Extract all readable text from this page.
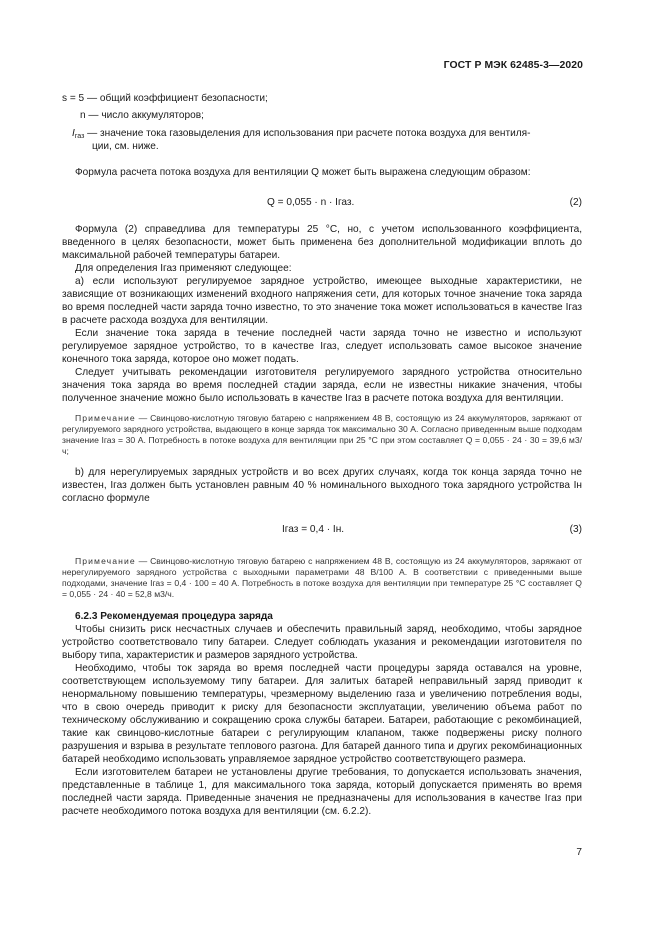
ГОСТ Р МЭК 62485-3—2020
s = 5 — общий коэффициент безопасности;
n — число аккумуляторов;
$I_{газ}$ — значение тока газовыделения для использования при расчете потока воздуха для вентиля-
ции, см. ниже.

Формула расчета потока воздуха для вентиляции Q может быть выражена следующим образом:

Q = 0,055 · n · Iгаз.	(2)

Формула (2) справедлива для температуры 25 °С, но, с учетом использованного коэффициента, введенного в целях безопасности, может быть применена без дополнительной модификации вплоть до максимальной рабочей температуры батареи.

Для определения Iгаз применяют следующее:

а) если используют регулируемое зарядное устройство, имеющее выходные характеристики, не зависящие от возникающих изменений входного напряжения сети, для которых точное значение тока заряда во время последней части заряда точно известно, то это значение тока может использоваться в качестве Iгаз в расчете расхода воздуха для вентиляции.

Если значение тока заряда в течение последней части заряда точно не известно и используют регулируемое зарядное устройство, то в качестве Iгаз, следует использовать самое высокое значение конечного тока заряда, которое оно может подать.

Следует учитывать рекомендации изготовителя регулируемого зарядного устройства относительно значения тока заряда во время последней стадии заряда, если не известны никакие значения, чтобы полученное значение можно было использовать в качестве Iгаз в расчете потока воздуха для вентиляции.

Примечание — Свинцово-кислотную тяговую батарею с напряжением 48 В, состоящую из 24 аккумуляторов, заряжают от регулируемого зарядного устройства, выдающего в конце заряда ток максимально 30 А. Согласно приведенным выше подходам значение Iгаз = 30 А. Потребность в потоке воздуха для вентиляции при 25 °С при этом составляет Q = 0,055 · 24 · 30 = 39,6 м3/ч;

b) для нерегулируемых зарядных устройств и во всех других случаях, когда ток конца заряда точно не известен, Iгаз должен быть установлен равным 40 % номинального выходного тока зарядного устройства Iн согласно формуле

Iгаз = 0,4 · Iн.	(3)

Примечание — Свинцово-кислотную тяговую батарею с напряжением 48 В, состоящую из 24 аккумуляторов, заряжают от нерегулируемого зарядного устройства с выходными параметрами 48 В/100 А. В соответствии с приведенными выше подходами, значение Iгаз = 0,4 · 100 = 40 А. Потребность в потоке воздуха для вентиляции при температуре 25 °С составляет Q = 0,055 · 24 · 40 = 52,8 м3/ч.

6.2.3 Рекомендуемая процедура заряда

Чтобы снизить риск несчастных случаев и обеспечить правильный заряд, необходимо, чтобы зарядное устройство соответствовало типу батареи. Следует соблюдать указания и рекомендации изготовителя по выбору типа, характеристик и размеров зарядного устройства.

Необходимо, чтобы ток заряда во время последней части процедуры заряда оставался на уровне, соответствующем используемому типу батареи. Для залитых батарей неправильный заряд приводит к ненормальному повышению температуры, чрезмерному выделению газа и увеличению потребления воды, что в свою очередь приводит к риску для безопасности эксплуатации, увеличению объема работ по техническому обслуживанию и сокращению срока службы батареи. Батареи, работающие с рекомбинацией, такие как свинцово-кислотные батареи с регулирующим клапаном, также подвержены риску полного разрушения и взрыва в результате теплового разгона. Для батарей данного типа и других рекомбинационных батарей необходимо использовать управляемое зарядное устройство соответствующего размера.

Если изготовителем батареи не установлены другие требования, то допускается использовать значения, представленные в таблице 1, для максимального тока заряда, который допускается применять во время последней части заряда. Приведенные значения не предназначены для использования в качестве Iгаз при расчете необходимого потока воздуха для вентиляции (см. 6.2.2).

7
